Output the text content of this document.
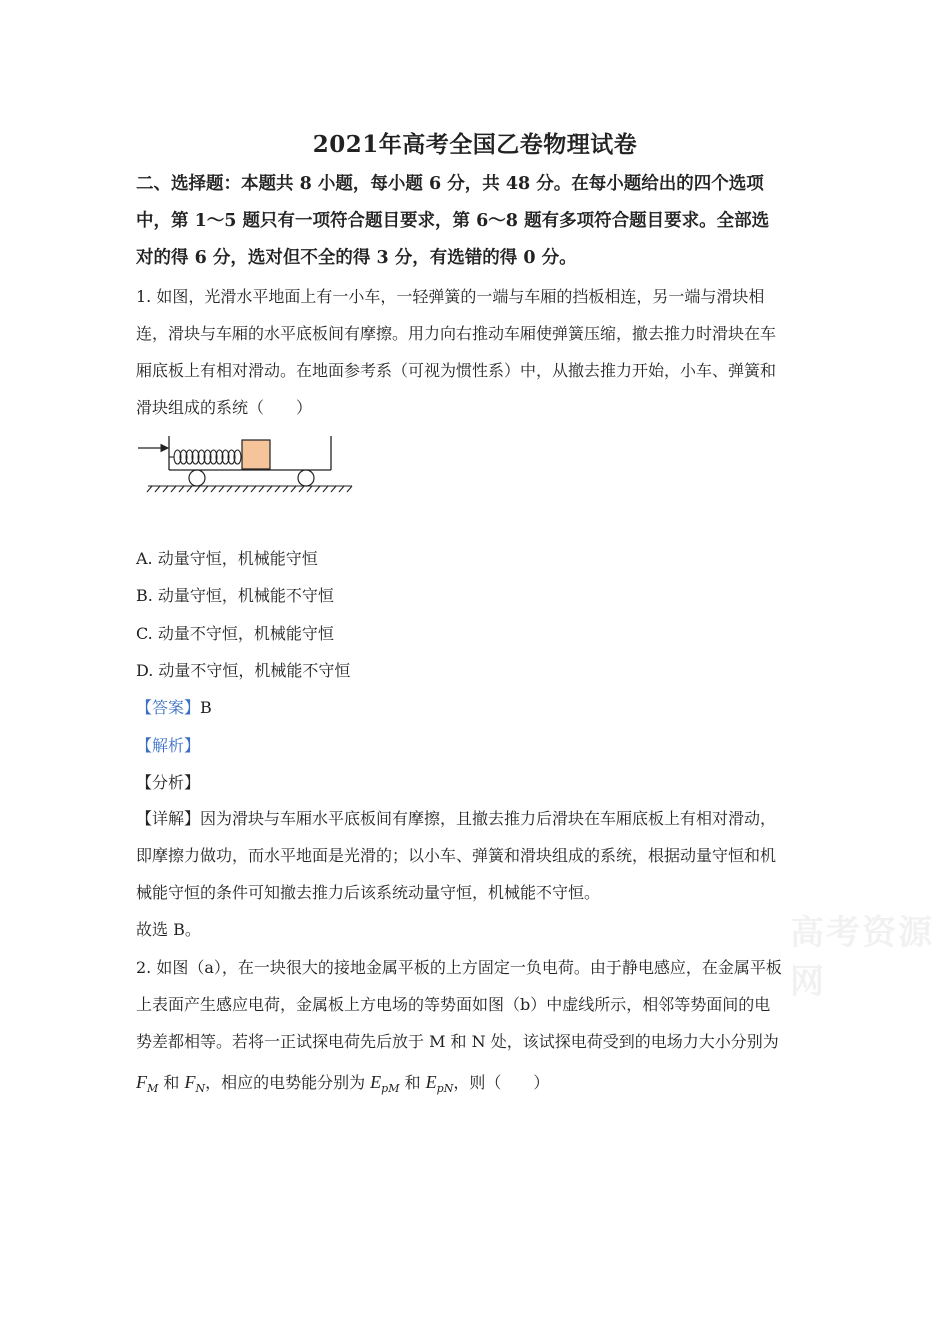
2021年高考全国乙卷物理试卷
二、选择题：本题共 8 小题，每小题 6 分，共 48 分。在每小题给出的四个选项
中，第 1～5 题只有一项符合题目要求，第 6～8 题有多项符合题目要求。全部选
对的得 6 分，选对但不全的得 3 分，有选错的得 0 分。
1. 如图，光滑水平地面上有一小车，一轻弹簧的一端与车厢的挡板相连，另一端与滑块相
连，滑块与车厢的水平底板间有摩擦。用力向右推动车厢使弹簧压缩，撤去推力时滑块在车
厢底板上有相对滑动。在地面参考系（可视为惯性系）中，从撤去推力开始，小车、弹簧和
滑块组成的系统（　　）
A. 动量守恒，机械能守恒
B. 动量守恒，机械能不守恒
C. 动量不守恒，机械能守恒
D. 动量不守恒，机械能不守恒
【答案】B
【解析】
【分析】
【详解】因为滑块与车厢水平底板间有摩擦，且撤去推力后滑块在车厢底板上有相对滑动，
即摩擦力做功，而水平地面是光滑的；以小车、弹簧和滑块组成的系统，根据动量守恒和机
械能守恒的条件可知撤去推力后该系统动量守恒，机械能不守恒。
故选 B。	高考资源网
2. 如图（a），在一块很大的接地金属平板的上方固定一负电荷。由于静电感应，在金属平板
上表面产生感应电荷，金属板上方电场的等势面如图（b）中虚线所示，相邻等势面间的电
势差都相等。若将一正试探电荷先后放于 M 和 N 处，该试探电荷受到的电场力大小分别为
$F_M$ 和 $F_N$，相应的电势能分别为 $E_{pM}$ 和 $E_{pN}$，则（　　）
